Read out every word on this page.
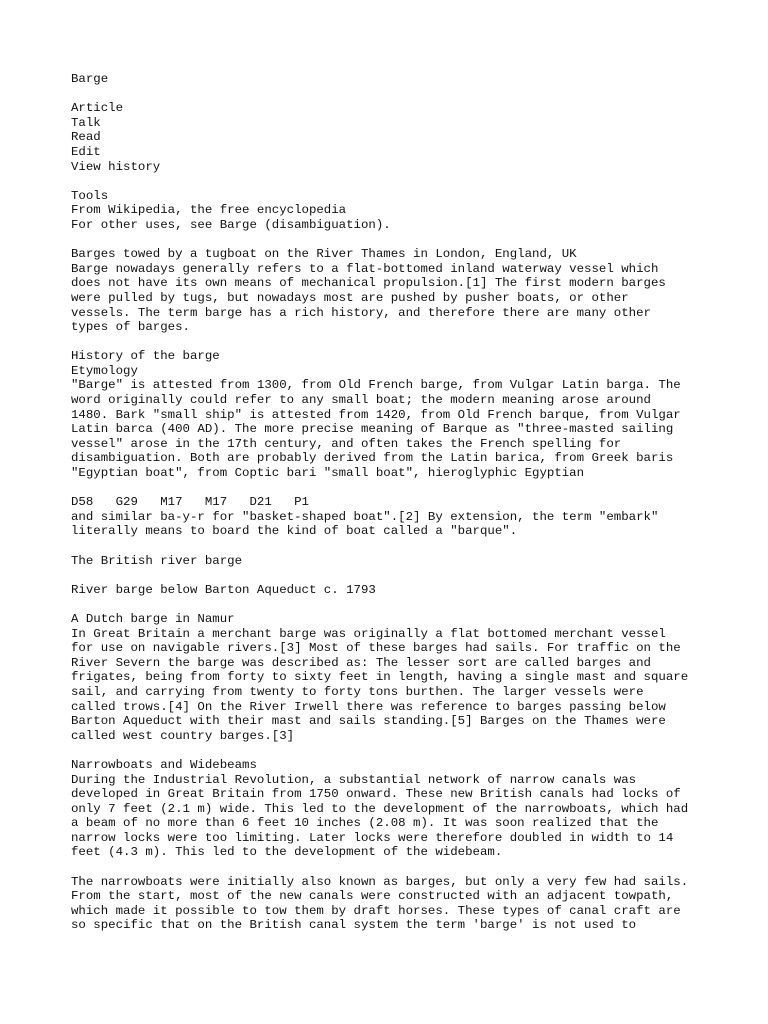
Barge
Article
Talk
Read
Edit
View history
Tools
From Wikipedia, the free encyclopedia
For other uses, see Barge (disambiguation).
Barges towed by a tugboat on the River Thames in London, England, UK
Barge nowadays generally refers to a flat-bottomed inland waterway vessel which
does not have its own means of mechanical propulsion.[1] The first modern barges
were pulled by tugs, but nowadays most are pushed by pusher boats, or other
vessels. The term barge has a rich history, and therefore there are many other
types of barges.
History of the barge
Etymology
"Barge" is attested from 1300, from Old French barge, from Vulgar Latin barga. The
word originally could refer to any small boat; the modern meaning arose around
1480. Bark "small ship" is attested from 1420, from Old French barque, from Vulgar
Latin barca (400 AD). The more precise meaning of Barque as "three-masted sailing
vessel" arose in the 17th century, and often takes the French spelling for
disambiguation. Both are probably derived from the Latin barica, from Greek baris
"Egyptian boat", from Coptic bari "small boat", hieroglyphic Egyptian
D58   G29   M17   M17   D21   P1
and similar ba-y-r for "basket-shaped boat".[2] By extension, the term "embark"
literally means to board the kind of boat called a "barque".
The British river barge
River barge below Barton Aqueduct c. 1793
A Dutch barge in Namur
In Great Britain a merchant barge was originally a flat bottomed merchant vessel
for use on navigable rivers.[3] Most of these barges had sails. For traffic on the
River Severn the barge was described as: The lesser sort are called barges and
frigates, being from forty to sixty feet in length, having a single mast and square
sail, and carrying from twenty to forty tons burthen. The larger vessels were
called trows.[4] On the River Irwell there was reference to barges passing below
Barton Aqueduct with their mast and sails standing.[5] Barges on the Thames were
called west country barges.[3]
Narrowboats and Widebeams
During the Industrial Revolution, a substantial network of narrow canals was
developed in Great Britain from 1750 onward. These new British canals had locks of
only 7 feet (2.1 m) wide. This led to the development of the narrowboats, which had
a beam of no more than 6 feet 10 inches (2.08 m). It was soon realized that the
narrow locks were too limiting. Later locks were therefore doubled in width to 14
feet (4.3 m). This led to the development of the widebeam.
The narrowboats were initially also known as barges, but only a very few had sails.
From the start, most of the new canals were constructed with an adjacent towpath,
which made it possible to tow them by draft horses. These types of canal craft are
so specific that on the British canal system the term 'barge' is not used to
